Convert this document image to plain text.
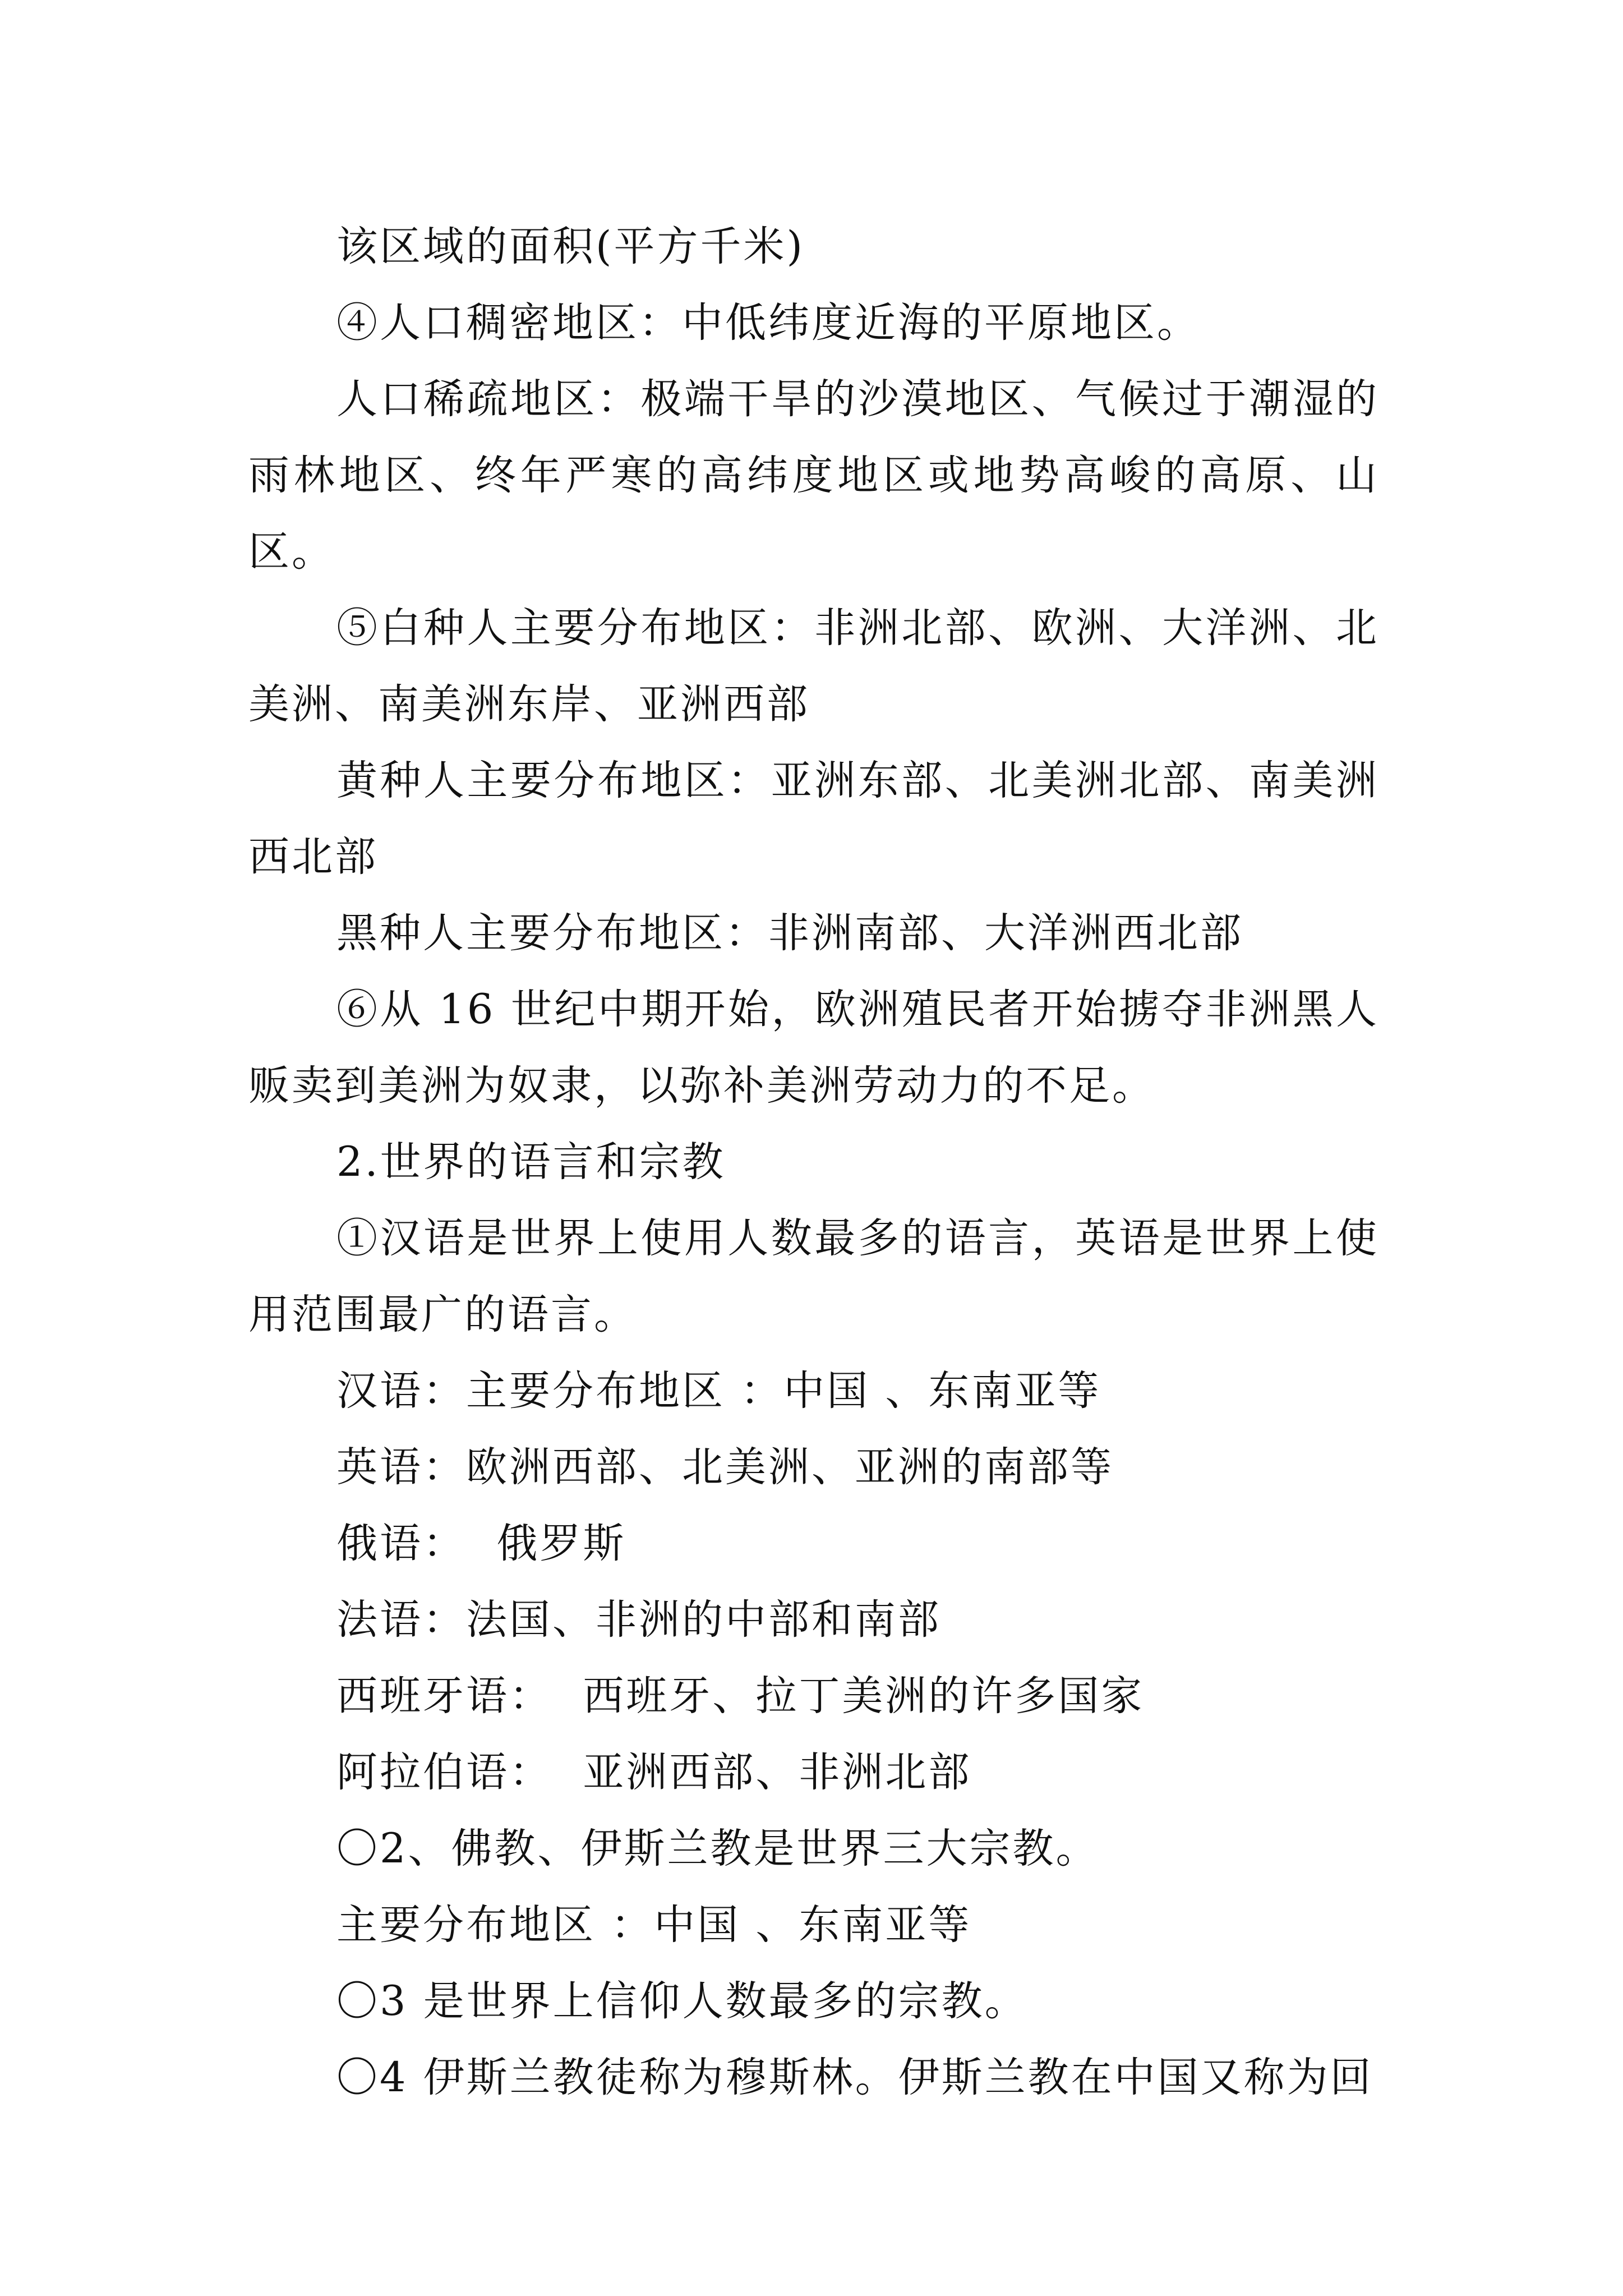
该区域的面积(平方千米)

④人口稠密地区：中低纬度近海的平原地区。

人口稀疏地区：极端干旱的沙漠地区、气候过于潮湿的雨林地区、终年严寒的高纬度地区或地势高峻的高原、山区。

⑤白种人主要分布地区：非洲北部、欧洲、大洋洲、北美洲、南美洲东岸、亚洲西部

黄种人主要分布地区：亚洲东部、北美洲北部、南美洲西北部

黑种人主要分布地区：非洲南部、大洋洲西北部

⑥从 16 世纪中期开始，欧洲殖民者开始掳夺非洲黑人贩卖到美洲为奴隶，以弥补美洲劳动力的不足。

2.世界的语言和宗教

①汉语是世界上使用人数最多的语言，英语是世界上使用范围最广的语言。

汉语：主要分布地区 ：中国 、东南亚等

英语：欧洲西部、北美洲、亚洲的南部等

俄语：  俄罗斯

法语：法国、非洲的中部和南部

西班牙语：  西班牙、拉丁美洲的许多国家

阿拉伯语：  亚洲西部、非洲北部

〇2、佛教、伊斯兰教是世界三大宗教。

主要分布地区 ：中国 、东南亚等

〇3 是世界上信仰人数最多的宗教。

〇4 伊斯兰教徒称为穆斯林。伊斯兰教在中国又称为回
